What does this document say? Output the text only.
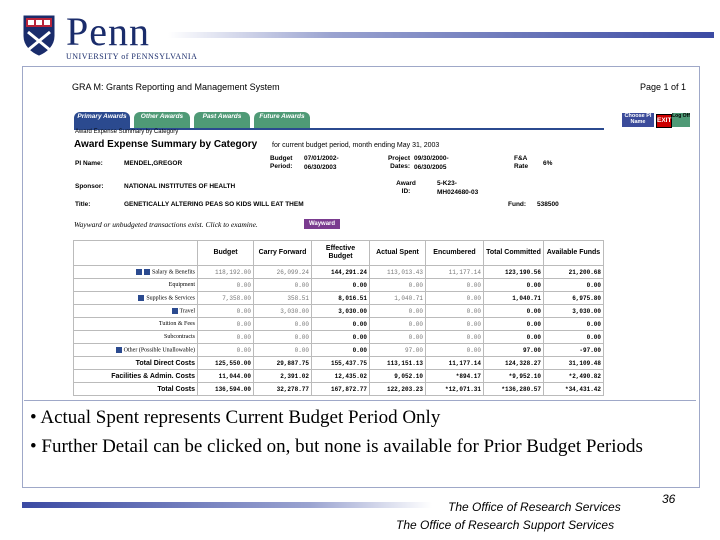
Penn
UNIVERSITY of PENNSYLVANIA
GRA M: Grants Reporting and Management System	Page 1 of 1
Primary Awards	Other Awards	Past Awards	Future Awards
Award Expense Summary by Category
Choose PI Name	EXIT
Log Off
Award Expense Summary by Category for current budget period, month ending May 31, 2003
PI Name:	MENDEL,GREGOR
Sponsor:	NATIONAL INSTITUTES OF HEALTH
Title:	GENETICALLY ALTERING PEAS SO KIDS WILL EAT THEM
Budget Period:
07/01/2002-
06/30/2003
Project Dates:
09/30/2000-
06/30/2005
F&A Rate	6%
Award ID:
5-K23-
MH024680-03
Fund: 538500
Wayward or unbudgeted transactions exist. Click to examine.	Wayward
	Budget	Carry Forward	Effective Budget	Actual Spent	Encumbered	Total Committed	Available Funds
Salary & Benefits	118,192.00	26,099.24	144,291.24	113,013.43	11,177.14	123,190.56	21,200.68
Equipment	0.00	0.00	0.00	0.00	0.00	0.00	0.00
Supplies & Services	7,358.00	358.51	8,016.51	1,040.71	0.00	1,040.71	6,975.80
Travel	0.00	3,030.00	3,030.00	0.00	0.00	0.00	3,030.00
Tuition & Fees	0.00	0.00	0.00	0.00	0.00	0.00	0.00
Subcontracts	0.00	0.00	0.00	0.00	0.00	0.00	0.00
Other (Possible Unallowable)	0.00	0.00	0.00	97.00	0.00	97.00	-97.00
Total Direct Costs	125,550.00	29,887.75	155,437.75	113,151.13	11,177.14	124,328.27	31,109.48
Facilities & Admin. Costs	11,044.00	2,391.02	12,435.02	9,052.10	*894.17	*9,952.10	*2,490.82
Total Costs	136,594.00	32,278.77	167,872.77	122,203.23	*12,071.31	*136,280.57	*34,431.42
• Actual Spent represents Current Budget Period Only
• Further Detail can be clicked on, but none is available for Prior Budget Periods
The Office of Research Services
The Office of Research Support Services
36
